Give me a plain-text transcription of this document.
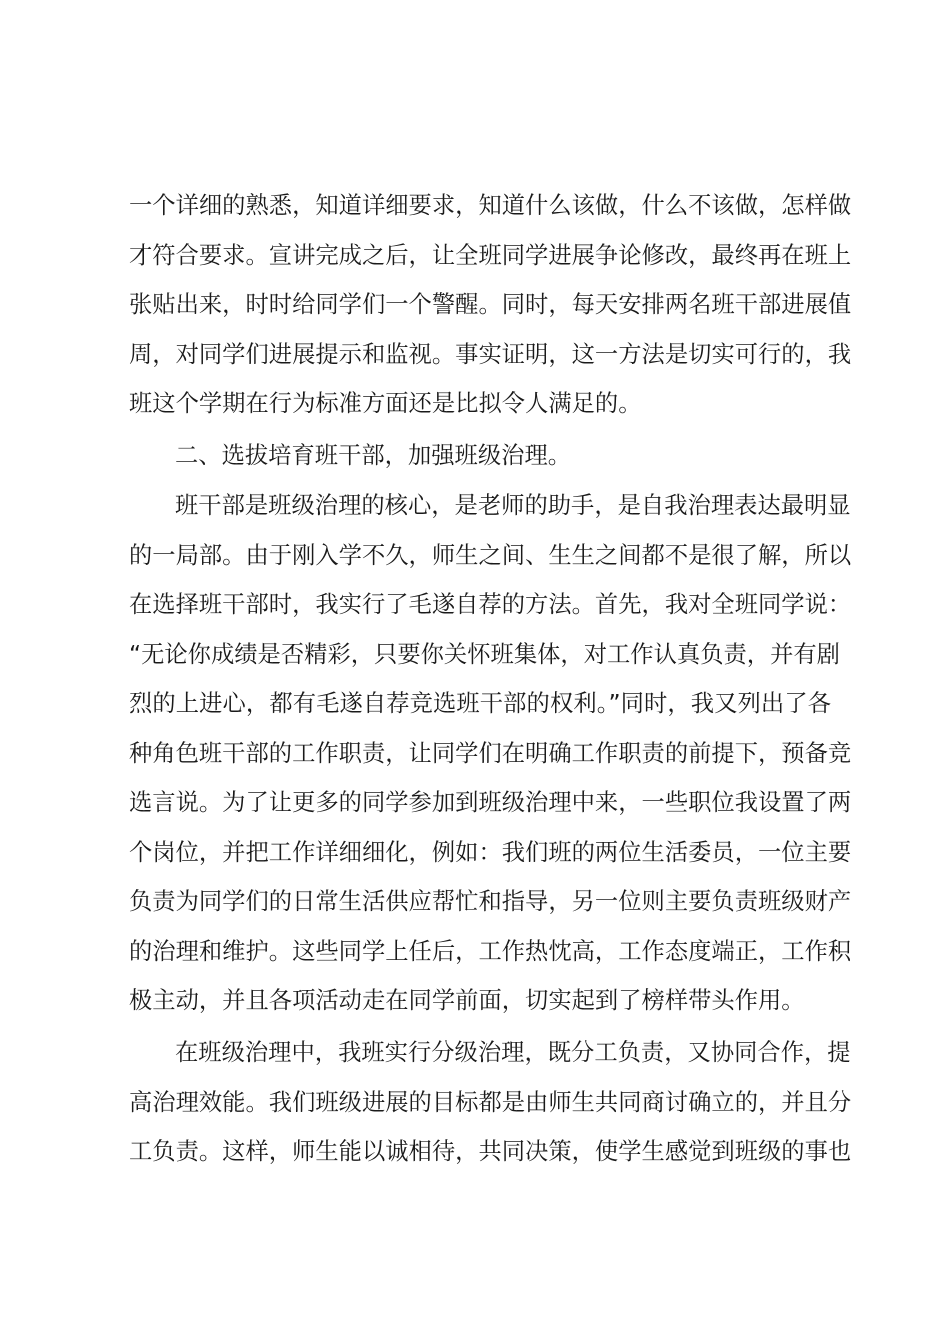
一个详细的熟悉，知道详细要求，知道什么该做，什么不该做，怎样做

才符合要求。宣讲完成之后，让全班同学进展争论修改，最终再在班上

张贴出来，时时给同学们一个警醒。同时，每天安排两名班干部进展值

周，对同学们进展提示和监视。事实证明，这一方法是切实可行的，我

班这个学期在行为标准方面还是比拟令人满足的。

二、选拔培育班干部，加强班级治理。

班干部是班级治理的核心，是老师的助手，是自我治理表达最明显

的一局部。由于刚入学不久，师生之间、生生之间都不是很了解，所以

在选择班干部时，我实行了毛遂自荐的方法。首先，我对全班同学说：

“无论你成绩是否精彩，只要你关怀班集体，对工作认真负责，并有剧

烈的上进心，都有毛遂自荐竞选班干部的权利。”同时，我又列出了各

种角色班干部的工作职责，让同学们在明确工作职责的前提下，预备竞

选言说。为了让更多的同学参加到班级治理中来，一些职位我设置了两

个岗位，并把工作详细细化，例如：我们班的两位生活委员，一位主要

负责为同学们的日常生活供应帮忙和指导，另一位则主要负责班级财产

的治理和维护。这些同学上任后，工作热忱高，工作态度端正，工作积

极主动，并且各项活动走在同学前面，切实起到了榜样带头作用。

在班级治理中，我班实行分级治理，既分工负责，又协同合作，提

高治理效能。我们班级进展的目标都是由师生共同商讨确立的，并且分

工负责。这样，师生能以诚相待，共同决策，使学生感觉到班级的事也
